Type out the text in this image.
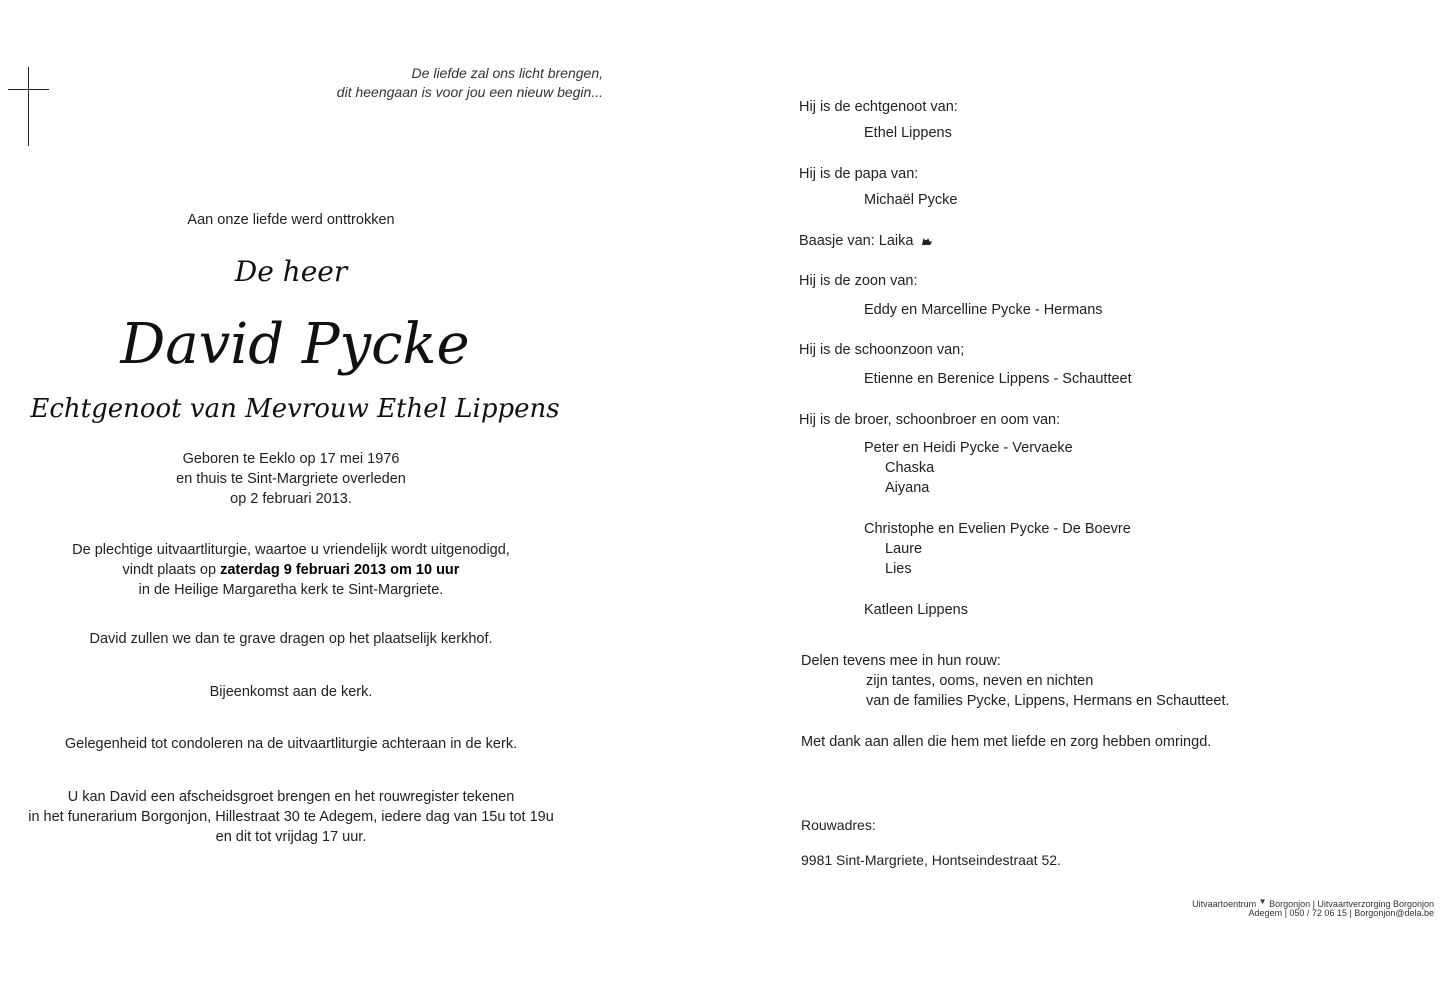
De liefde zal ons licht brengen,
dit heengaan is voor jou een nieuw begin...
Aan onze liefde werd onttrokken
De heer
David Pycke
Echtgenoot van Mevrouw Ethel Lippens
Geboren te Eeklo op 17 mei 1976
en thuis te Sint-Margriete overleden
op 2 februari 2013.
De plechtige uitvaartliturgie, waartoe u vriendelijk wordt uitgenodigd,
vindt plaats op zaterdag 9 februari 2013 om 10 uur
in de Heilige Margaretha kerk te Sint-Margriete.
David zullen we dan te grave dragen op het plaatselijk kerkhof.
Bijeenkomst aan de kerk.
Gelegenheid tot condoleren na de uitvaartliturgie achteraan in de kerk.
U kan David een afscheidsgroet brengen en het rouwregister tekenen
in het funerarium Borgonjon, Hillestraat 30 te Adegem, iedere dag van 15u tot 19u
en dit tot vrijdag 17 uur.
Hij is de echtgenoot van:
Ethel Lippens
Hij is de papa van:
Michaël Pycke
Baasje van: Laika
Hij is de zoon van:
Eddy en Marcelline Pycke - Hermans
Hij is de schoonzoon van;
Etienne en Berenice Lippens - Schautteet
Hij is de broer, schoonbroer en oom van:
Peter en Heidi Pycke - Vervaeke
Chaska
Aiyana
Christophe en Evelien Pycke - De Boevre
Laure
Lies
Katleen Lippens
Delen tevens mee in hun rouw:
zijn tantes, ooms, neven en nichten
van de families Pycke, Lippens, Hermans en Schautteet.
Met dank aan allen die hem met liefde en zorg hebben omringd.
Rouwadres:
9981 Sint-Margriete, Hontseindestraat 52.
Uitvaartoentrum ▼ Borgonjon | Uitvaartverzorging Borgonjon
Adegem | 050 / 72 06 15 | Borgonjon@dela.be
